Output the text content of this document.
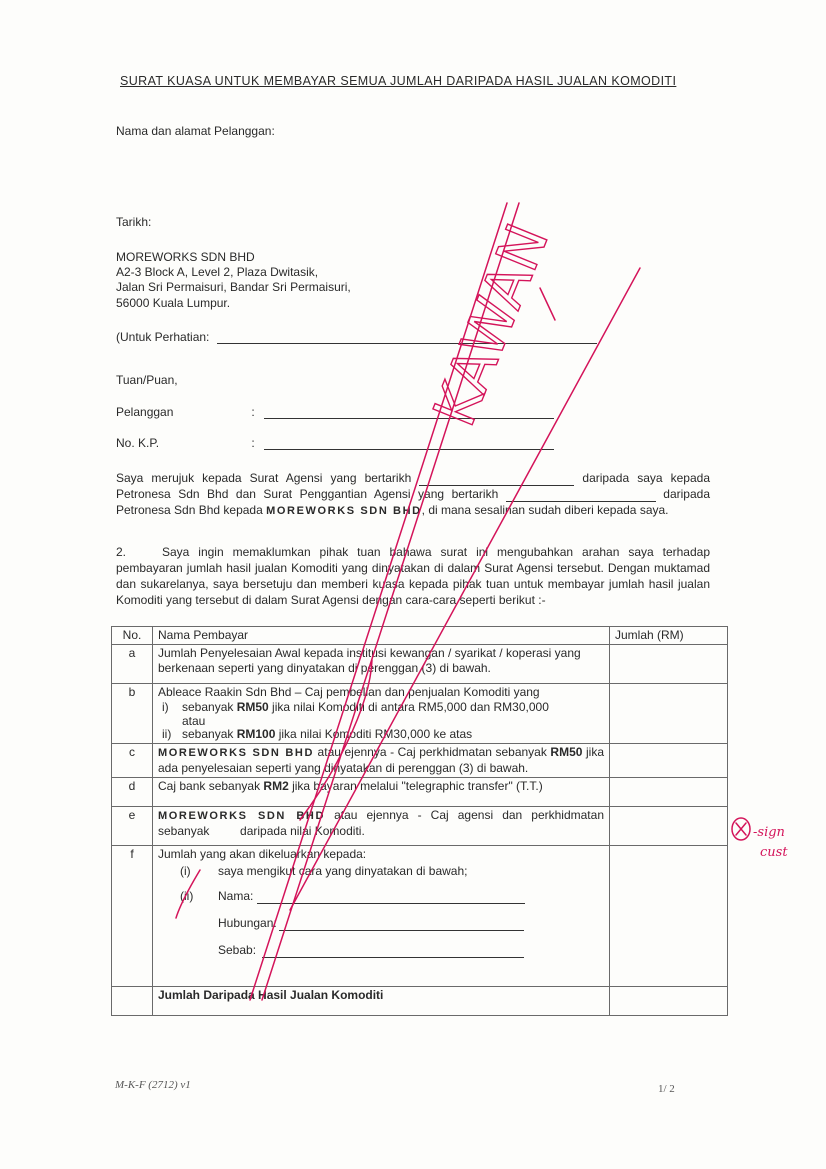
SURAT KUASA UNTUK MEMBAYAR SEMUA JUMLAH DARIPADA HASIL JUALAN KOMODITI
Nama dan alamat Pelanggan:
Tarikh:
MOREWORKS SDN BHD
A2-3 Block A, Level 2, Plaza Dwitasik,
Jalan Sri Permaisuri, Bandar Sri Permaisuri,
56000 Kuala Lumpur.
(Untuk Perhatian:
Tuan/Puan,
Pelanggan	:
No. K.P.	:
Saya merujuk kepada Surat Agensi yang bertarikh	daripada saya kepada Petronesa Sdn Bhd dan Surat Penggantian Agensi yang bertarikh	daripada Petronesa Sdn Bhd kepada MOREWORKS SDN BHD, di mana sesalinan sudah diberi kepada saya.
2.	Saya ingin memaklumkan pihak tuan bahawa surat ini mengubahkan arahan saya terhadap pembayaran jumlah hasil jualan Komoditi yang dinyatakan di dalam Surat Agensi tersebut. Dengan muktamad dan sukarelanya, saya bersetuju dan memberi kuasa kepada pihak tuan untuk membayar jumlah hasil jualan Komoditi yang tersebut di dalam Surat Agensi dengan cara-cara seperti berikut :-
No.	Nama Pembayar	Jumlah (RM)
a	Jumlah Penyelesaian Awal kepada institusi kewangan / syarikat / koperasi yang berkenaan seperti yang dinyatakan di perenggan (3) di bawah.	
b	Ableace Raakin Sdn Bhd – Caj pembelian dan penjualan Komoditi yang
i) sebanyak RM50 jika nilai Komoditi di antara RM5,000 dan RM30,000
atau
ii) sebanyak RM100 jika nilai Komoditi RM30,000 ke atas	

c	MOREWORKS SDN BHD atau ejennya - Caj perkhidmatan sebanyak RM50 jika ada penyelesaian seperti yang dinyatakan di perenggan (3) di bawah.	
d	Caj bank sebanyak RM2 jika bayaran melalui "telegraphic transfer" (T.T.)	
e	MOREWORKS SDN BHD atau ejennya - Caj agensi dan perkhidmatan sebanyak  daripada nilai Komoditi.	
f	Jumlah yang akan dikeluarkan kepada:
(i) saya mengikut cara yang dinyatakan di bawah;
(ii) Nama:
Hubungan:
Sebab:	

	Jumlah Daripada Hasil Jualan Komoditi	
M-K-F (2712) v1	1/ 2
KAWAN
-sign
cust
